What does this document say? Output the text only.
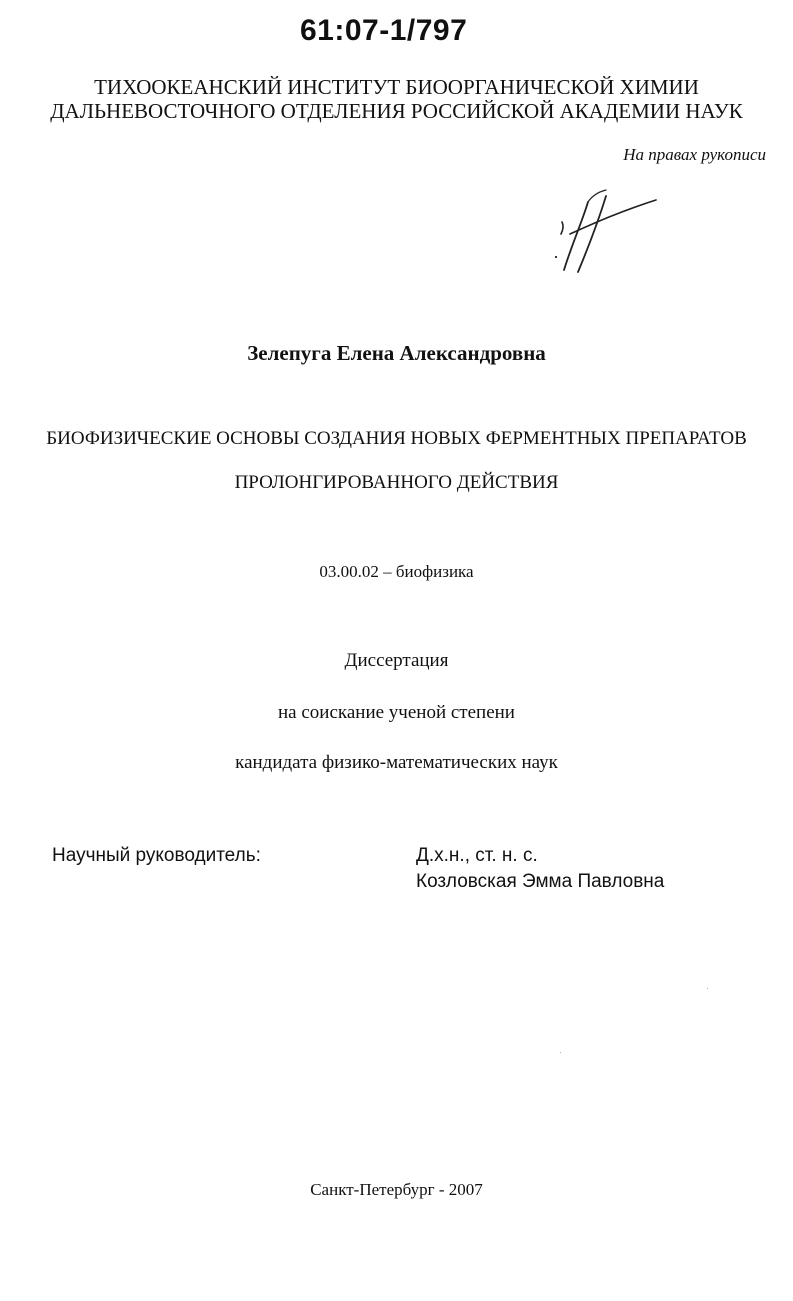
61:07-1/797
ТИХООКЕАНСКИЙ ИНСТИТУТ БИООРГАНИЧЕСКОЙ ХИМИИ
ДАЛЬНЕВОСТОЧНОГО ОТДЕЛЕНИЯ РОССИЙСКОЙ АКАДЕМИИ НАУК
На правах рукописи
Зелепуга Елена Александровна
БИОФИЗИЧЕСКИЕ ОСНОВЫ СОЗДАНИЯ НОВЫХ ФЕРМЕНТНЫХ ПРЕПАРАТОВ
ПРОЛОНГИРОВАННОГО ДЕЙСТВИЯ
03.00.02 – биофизика
Диссертация
на соискание ученой степени
кандидата физико-математических наук
Научный руководитель:	Д.х.н., ст. н. с.
Козловская Эмма Павловна
Санкт-Петербург - 2007
